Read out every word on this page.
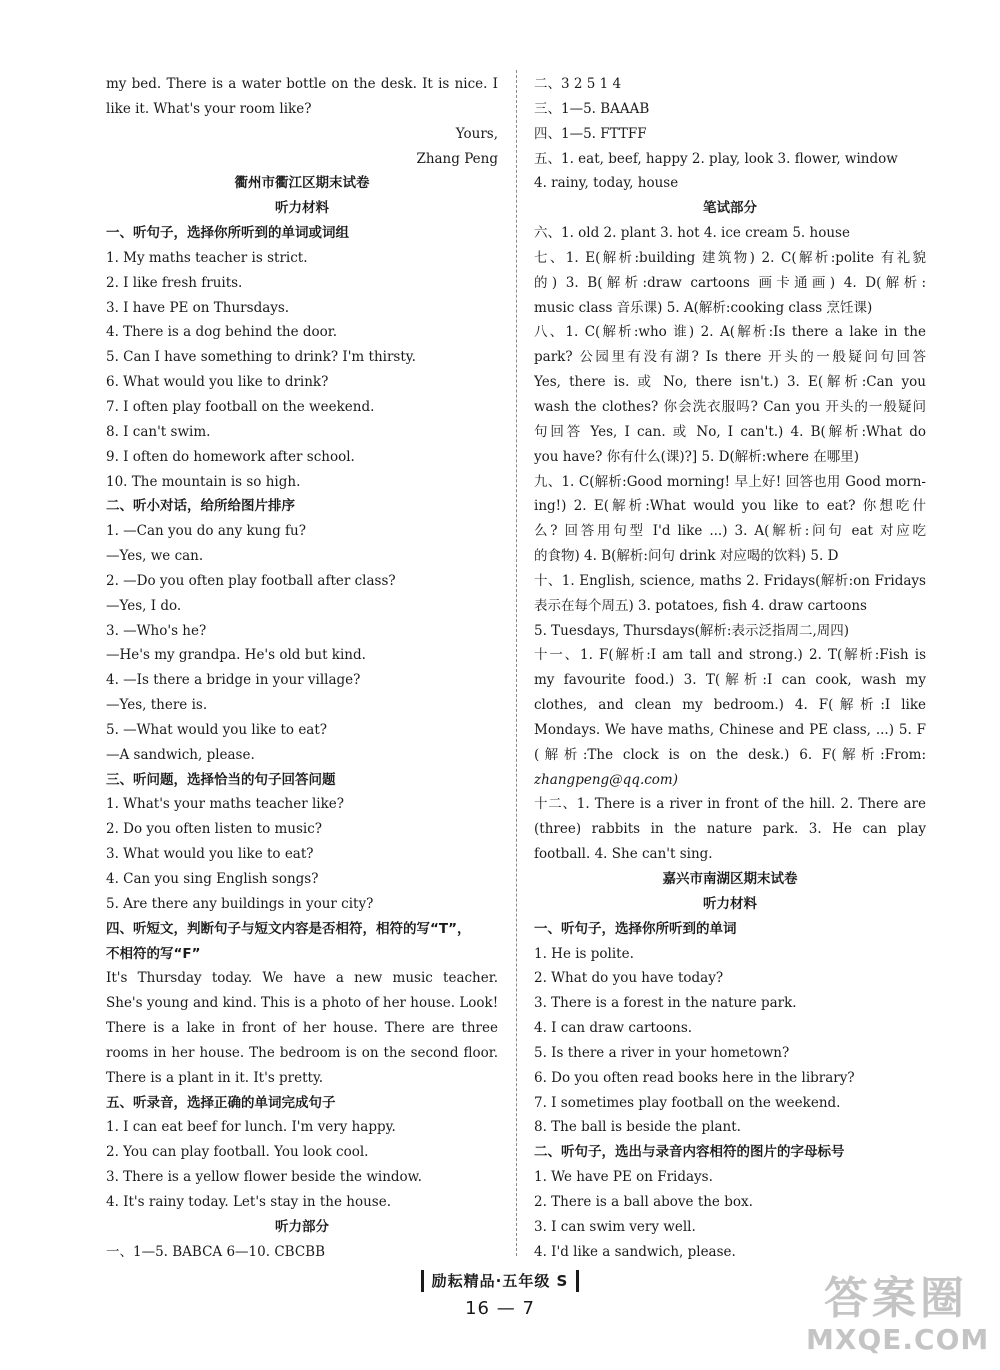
my bed. There is a water bottle on the desk. It is nice. I
like it. What's your room like?
Yours,
Zhang Peng
衢州市衢江区期末试卷
听力材料
一、听句子，选择你所听到的单词或词组
1. My maths teacher is strict.
2. I like fresh fruits.
3. I have PE on Thursdays.
4. There is a dog behind the door.
5. Can I have something to drink? I'm thirsty.
6. What would you like to drink?
7. I often play football on the weekend.
8. I can't swim.
9. I often do homework after school.
10. The mountain is so high.
二、听小对话，给所给图片排序
1. —Can you do any kung fu?
—Yes, we can.
2. —Do you often play football after class?
—Yes, I do.
3. —Who's he?
—He's my grandpa. He's old but kind.
4. —Is there a bridge in your village?
—Yes, there is.
5. —What would you like to eat?
—A sandwich, please.
三、听问题，选择恰当的句子回答问题
1. What's your maths teacher like?
2. Do you often listen to music?
3. What would you like to eat?
4. Can you sing English songs?
5. Are there any buildings in your city?
四、听短文，判断句子与短文内容是否相符，相符的写“T”，
不相符的写“F”
It's Thursday today. We have a new music teacher.
She's young and kind. This is a photo of her house. Look!
There is a lake in front of her house. There are three
rooms in her house. The bedroom is on the second floor.
There is a plant in it. It's pretty.
五、听录音，选择正确的单词完成句子
1. I can eat beef for lunch. I'm very happy.
2. You can play football. You look cool.
3. There is a yellow flower beside the window.
4. It's rainy today. Let's stay in the house.
听力部分
一、1—5. BABCA 6—10. CBCBB
二、3 2 5 1 4
三、1—5. BAAAB
四、1—5. FTTFF
五、1. eat, beef, happy 2. play, look 3. flower, window
4. rainy, today, house
笔试部分
六、1. old 2. plant 3. hot 4. ice cream 5. house
七、1. E(解析:building 建筑物) 2. C(解析:polite 有礼貌
的) 3. B(解析:draw cartoons 画卡通画) 4. D(解析:
music class 音乐课) 5. A(解析:cooking class 烹饪课)
八、1. C(解析:who 谁) 2. A(解析:Is there a lake in the
park? 公园里有没有湖? Is there 开头的一般疑问句回答
Yes, there is. 或 No, there isn't.) 3. E(解析:Can you
wash the clothes? 你会洗衣服吗? Can you 开头的一般疑问
句回答 Yes, I can. 或 No, I can't.) 4. B(解析:What do
you have? 你有什么(课)?] 5. D(解析:where 在哪里)
九、1. C(解析:Good morning! 早上好! 回答也用 Good morn-
ing!) 2. E(解析:What would you like to eat? 你想吃什
么? 回答用句型 I'd like ...) 3. A(解析:问句 eat 对应吃
的食物) 4. B(解析:问句 drink 对应喝的饮料) 5. D
十、1. English, science, maths 2. Fridays(解析:on Fridays
表示在每个周五) 3. potatoes, fish 4. draw cartoons
5. Tuesdays, Thursdays(解析:表示泛指周二,周四)
十一、1. F(解析:I am tall and strong.) 2. T(解析:Fish is
my favourite food.) 3. T(解析:I can cook, wash my
clothes, and clean my bedroom.) 4. F(解析:I like
Mondays. We have maths, Chinese and PE class, ...) 5. F
(解析:The clock is on the desk.) 6. F(解析:From:
zhangpeng@qq.com)
十二、1. There is a river in front of the hill. 2. There are
(three) rabbits in the nature park. 3. He can play
football. 4. She can't sing.
嘉兴市南湖区期末试卷
听力材料
一、听句子，选择你所听到的单词
1. He is polite.
2. What do you have today?
3. There is a forest in the nature park.
4. I can draw cartoons.
5. Is there a river in your hometown?
6. Do you often read books here in the library?
7. I sometimes play football on the weekend.
8. The ball is beside the plant.
二、听句子，选出与录音内容相符的图片的字母标号
1. We have PE on Fridays.
2. There is a ball above the box.
3. I can swim very well.
4. I'd like a sandwich, please.
励耘精品·五年级 S
16 — 7	答案圈
MXQE.COM
